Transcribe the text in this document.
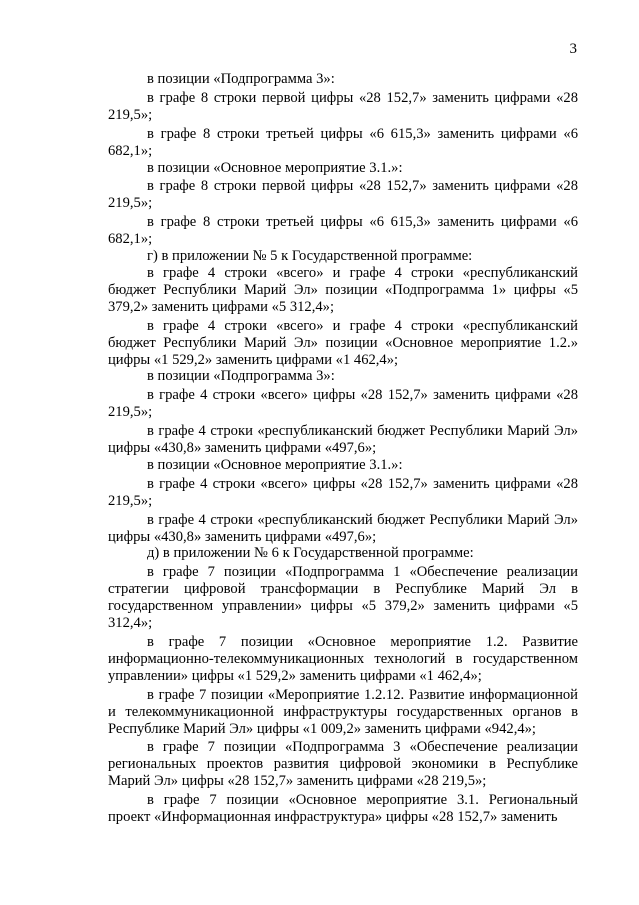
3

в позиции «Подпрограмма 3»:

в графе 8 строки первой цифры «28 152,7» заменить цифрами «28 219,5»;

в графе 8 строки третьей цифры «6 615,3» заменить цифрами «6 682,1»;

в позиции «Основное мероприятие 3.1.»:

в графе 8 строки первой цифры «28 152,7» заменить цифрами «28 219,5»;

в графе 8 строки третьей цифры «6 615,3» заменить цифрами «6 682,1»;

г) в приложении № 5 к Государственной программе:

в графе 4 строки «всего» и графе 4 строки «республиканский бюджет Республики Марий Эл» позиции «Подпрограмма 1» цифры «5 379,2» заменить цифрами «5 312,4»;

в графе 4 строки «всего» и графе 4 строки «республиканский бюджет Республики Марий Эл» позиции «Основное мероприятие 1.2.» цифры «1 529,2» заменить цифрами «1 462,4»;

в позиции «Подпрограмма 3»:

в графе 4 строки «всего» цифры «28 152,7» заменить цифрами «28 219,5»;

в графе 4 строки «республиканский бюджет Республики Марий Эл» цифры «430,8» заменить цифрами «497,6»;

в позиции «Основное мероприятие 3.1.»:

в графе 4 строки «всего» цифры «28 152,7» заменить цифрами «28 219,5»;

в графе 4 строки «республиканский бюджет Республики Марий Эл» цифры «430,8» заменить цифрами «497,6»;

д) в приложении № 6 к Государственной программе:

в графе 7 позиции «Подпрограмма 1 «Обеспечение реализации стратегии цифровой трансформации в Республике Марий Эл в государственном управлении» цифры «5 379,2» заменить цифрами «5 312,4»;

в графе 7 позиции «Основное мероприятие 1.2. Развитие информационно-телекоммуникационных технологий в государственном управлении» цифры «1 529,2» заменить цифрами «1 462,4»;

в графе 7 позиции «Мероприятие 1.2.12. Развитие информационной и телекоммуникационной инфраструктуры государственных органов в Республике Марий Эл» цифры «1 009,2» заменить цифрами «942,4»;

в графе 7 позиции «Подпрограмма 3 «Обеспечение реализации региональных проектов развития цифровой экономики в Республике Марий Эл» цифры «28 152,7» заменить цифрами «28 219,5»;

в графе 7 позиции «Основное мероприятие 3.1. Региональный проект «Информационная инфраструктура» цифры «28 152,7» заменить
